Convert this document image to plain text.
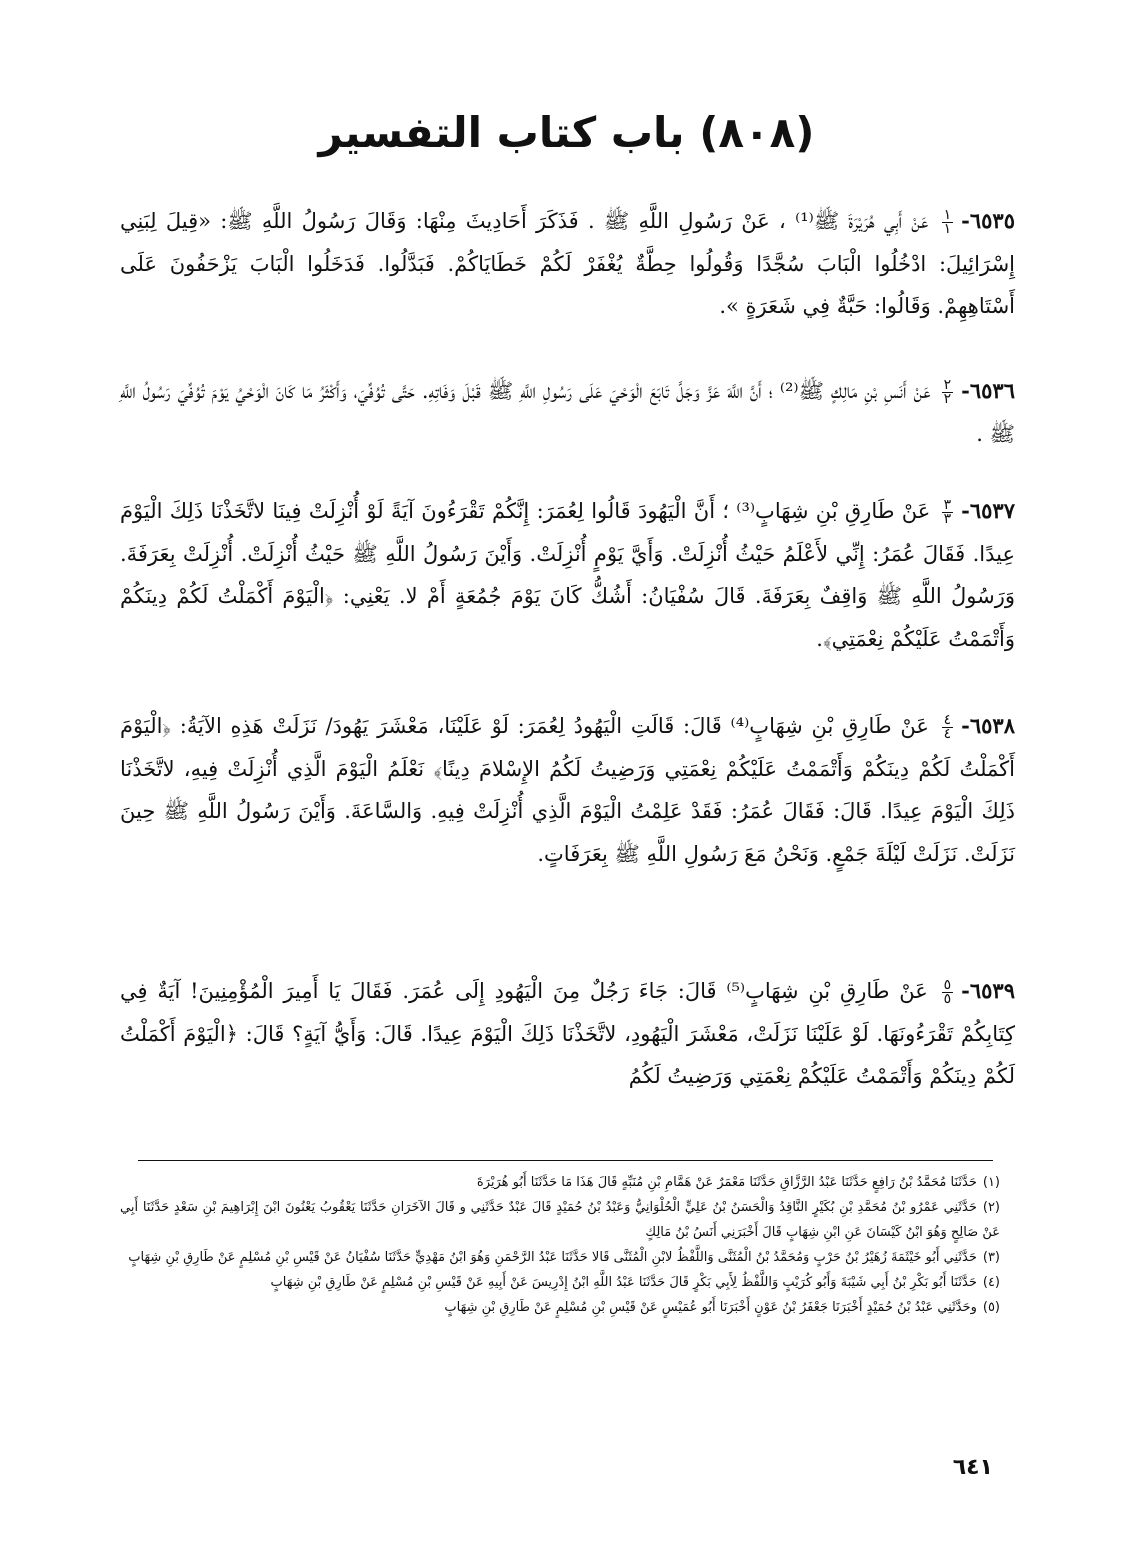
(٨٠٨) باب كتاب التفسير
٦٥٣٥-
$\frac{١}{١}$
عَنْ أَبِي هُرَيْرَةَ ﷺ⁽¹⁾ ، عَنْ رَسُولِ اللَّهِ ﷺ . فَذَكَرَ أَحَادِيثَ مِنْهَا: وَقَالَ رَسُولُ اللَّهِ ﷺ: «قِيلَ لِبَنِي إِسْرَائِيلَ: ادْخُلُوا الْبَابَ سُجَّدًا وَقُولُوا حِطَّةٌ يُغْفَرْ لَكُمْ خَطَايَاكُمْ. فَبَدَّلُوا. فَدَخَلُوا الْبَابَ يَزْحَفُونَ عَلَى أَسْتَاهِهِمْ. وَقَالُوا: حَبَّةٌ فِي شَعَرَةٍ ».
٦٥٣٦-
$\frac{٢}{٢}$
عَنْ أَنَسِ بْنِ مَالِكٍ ﷺ⁽²⁾ ؛ أَنَّ اللَّهَ عَزَّ وَجَلَّ تَابَعَ الْوَحْيَ عَلَى رَسُولِ اللَّهِ ﷺ قَبْلَ وَفَاتِهِ. حَتَّى تُوُفِّيَ، وَأَكْثَرُ مَا كَانَ الْوَحْيُ يَوْمَ تُوُفِّيَ رَسُولُ اللَّهِ ﷺ .
٦٥٣٧-
$\frac{٣}{٣}$
عَنْ طَارِقِ بْنِ شِهَابٍ⁽³⁾ ؛ أَنَّ الْيَهُودَ قَالُوا لِعُمَرَ: إِنَّكُمْ تَقْرَءُونَ آيَةً لَوْ أُنْزِلَتْ فِينَا لاتَّخَذْنَا ذَلِكَ الْيَوْمَ عِيدًا. فَقَالَ عُمَرُ: إِنِّي لأَعْلَمُ حَيْثُ أُنْزِلَتْ. وَأَيَّ يَوْمٍ أُنْزِلَتْ. وَأَيْنَ رَسُولُ اللَّهِ ﷺ حَيْثُ أُنْزِلَتْ. أُنْزِلَتْ بِعَرَفَةَ. وَرَسُولُ اللَّهِ ﷺ وَاقِفٌ بِعَرَفَةَ. قَالَ سُفْيَانُ: أَشُكُّ كَانَ يَوْمَ جُمُعَةٍ أَمْ لا. يَعْنِي: ﴿الْيَوْمَ أَكْمَلْتُ لَكُمْ دِينَكُمْ وَأَتْمَمْتُ عَلَيْكُمْ نِعْمَتِي﴾.
٦٥٣٨-
$\frac{٤}{٤}$
عَنْ طَارِقِ بْنِ شِهَابٍ⁽⁴⁾ قَالَ: قَالَتِ الْيَهُودُ لِعُمَرَ: لَوْ عَلَيْنَا، مَعْشَرَ يَهُودَ/ نَزَلَتْ هَذِهِ الآيَةُ: ﴿الْيَوْمَ أَكْمَلْتُ لَكُمْ دِينَكُمْ وَأَتْمَمْتُ عَلَيْكُمْ نِعْمَتِي وَرَضِيتُ لَكُمُ الإِسْلامَ دِينًا﴾ نَعْلَمُ الْيَوْمَ الَّذِي أُنْزِلَتْ فِيهِ، لاتَّخَذْنَا ذَلِكَ الْيَوْمَ عِيدًا. قَالَ: فَقَالَ عُمَرُ: فَقَدْ عَلِمْتُ الْيَوْمَ الَّذِي أُنْزِلَتْ فِيهِ. وَالسَّاعَةَ. وَأَيْنَ رَسُولُ اللَّهِ ﷺ حِينَ نَزَلَتْ. نَزَلَتْ لَيْلَةَ جَمْعٍ. وَنَحْنُ مَعَ رَسُولِ اللَّهِ ﷺ بِعَرَفَاتٍ.
٦٥٣٩-
$\frac{٥}{٥}$
عَنْ طَارِقِ بْنِ شِهَابٍ⁽⁵⁾ قَالَ: جَاءَ رَجُلٌ مِنَ الْيَهُودِ إِلَى عُمَرَ. فَقَالَ يَا أَمِيرَ الْمُؤْمِنِينَ! آيَةٌ فِي كِتَابِكُمْ تَقْرَءُونَهَا. لَوْ عَلَيْنَا نَزَلَتْ، مَعْشَرَ الْيَهُودِ، لاتَّخَذْنَا ذَلِكَ الْيَوْمَ عِيدًا. قَالَ: وَأَيُّ آيَةٍ؟ قَالَ: ﴿الْيَوْمَ أَكْمَلْتُ لَكُمْ دِينَكُمْ وَأَتْمَمْتُ عَلَيْكُمْ نِعْمَتِي وَرَضِيتُ لَكُمُ

(١)حَدَّثَنَا مُحَمَّدُ بْنُ رَافِعٍ حَدَّثَنَا عَبْدُ الرَّزَّاقِ حَدَّثَنَا مَعْمَرٌ عَنْ هَمَّامِ بْنِ مُنَبِّهٍ قَالَ هَذَا مَا حَدَّثَنَا أَبُو هُرَيْرَةَ

(٢)حَدَّثَنِي عَمْرُو بْنُ مُحَمَّدِ بْنِ بُكَيْرٍ النَّاقِدُ وَالْحَسَنُ بْنُ عَلِيٍّ الْحُلْوَانِيُّ وَعَبْدُ بْنُ حُمَيْدٍ قَالَ عَبْدٌ حَدَّثَنِي و قَالَ الآخَرَانِ حَدَّثَنَا يَعْقُوبُ يَعْنُونَ ابْنَ إِبْرَاهِيمَ بْنِ سَعْدٍ حَدَّثَنَا أَبِي عَنْ صَالِحٍ وَهُوَ ابْنُ كَيْسَانَ عَنِ ابْنِ شِهَابٍ قَالَ أَخْبَرَنِي أَنَسُ بْنُ مَالِكٍ

(٣)حَدَّثَنِي أَبُو خَيْثَمَةَ زُهَيْرُ بْنُ حَرْبٍ وَمُحَمَّدُ بْنُ الْمُثَنَّى وَاللَّفْظُ لابْنِ الْمُثَنَّى قَالا حَدَّثَنَا عَبْدُ الرَّحْمَنِ وَهُوَ ابْنُ مَهْدِيٍّ حَدَّثَنَا سُفْيَانُ عَنْ قَيْسِ بْنِ مُسْلِمٍ عَنْ طَارِقِ بْنِ شِهَابٍ

(٤)حَدَّثَنَا أَبُو بَكْرِ بْنُ أَبِي شَيْبَةَ وَأَبُو كُرَيْبٍ وَاللَّفْظُ لِأَبِي بَكْرٍ قَالَ حَدَّثَنَا عَبْدُ اللَّهِ ابْنُ إِدْرِيسَ عَنْ أَبِيهِ عَنْ قَيْسِ بْنِ مُسْلِمٍ عَنْ طَارِقِ بْنِ شِهَابٍ

(٥)وحَدَّثَنِي عَبْدُ بْنُ حُمَيْدٍ أَخْبَرَنَا جَعْفَرُ بْنُ عَوْنٍ أَخْبَرَنَا أَبُو عُمَيْسٍ عَنْ قَيْسِ بْنِ مُسْلِمٍ عَنْ طَارِقِ بْنِ شِهَابٍ

٦٤١
